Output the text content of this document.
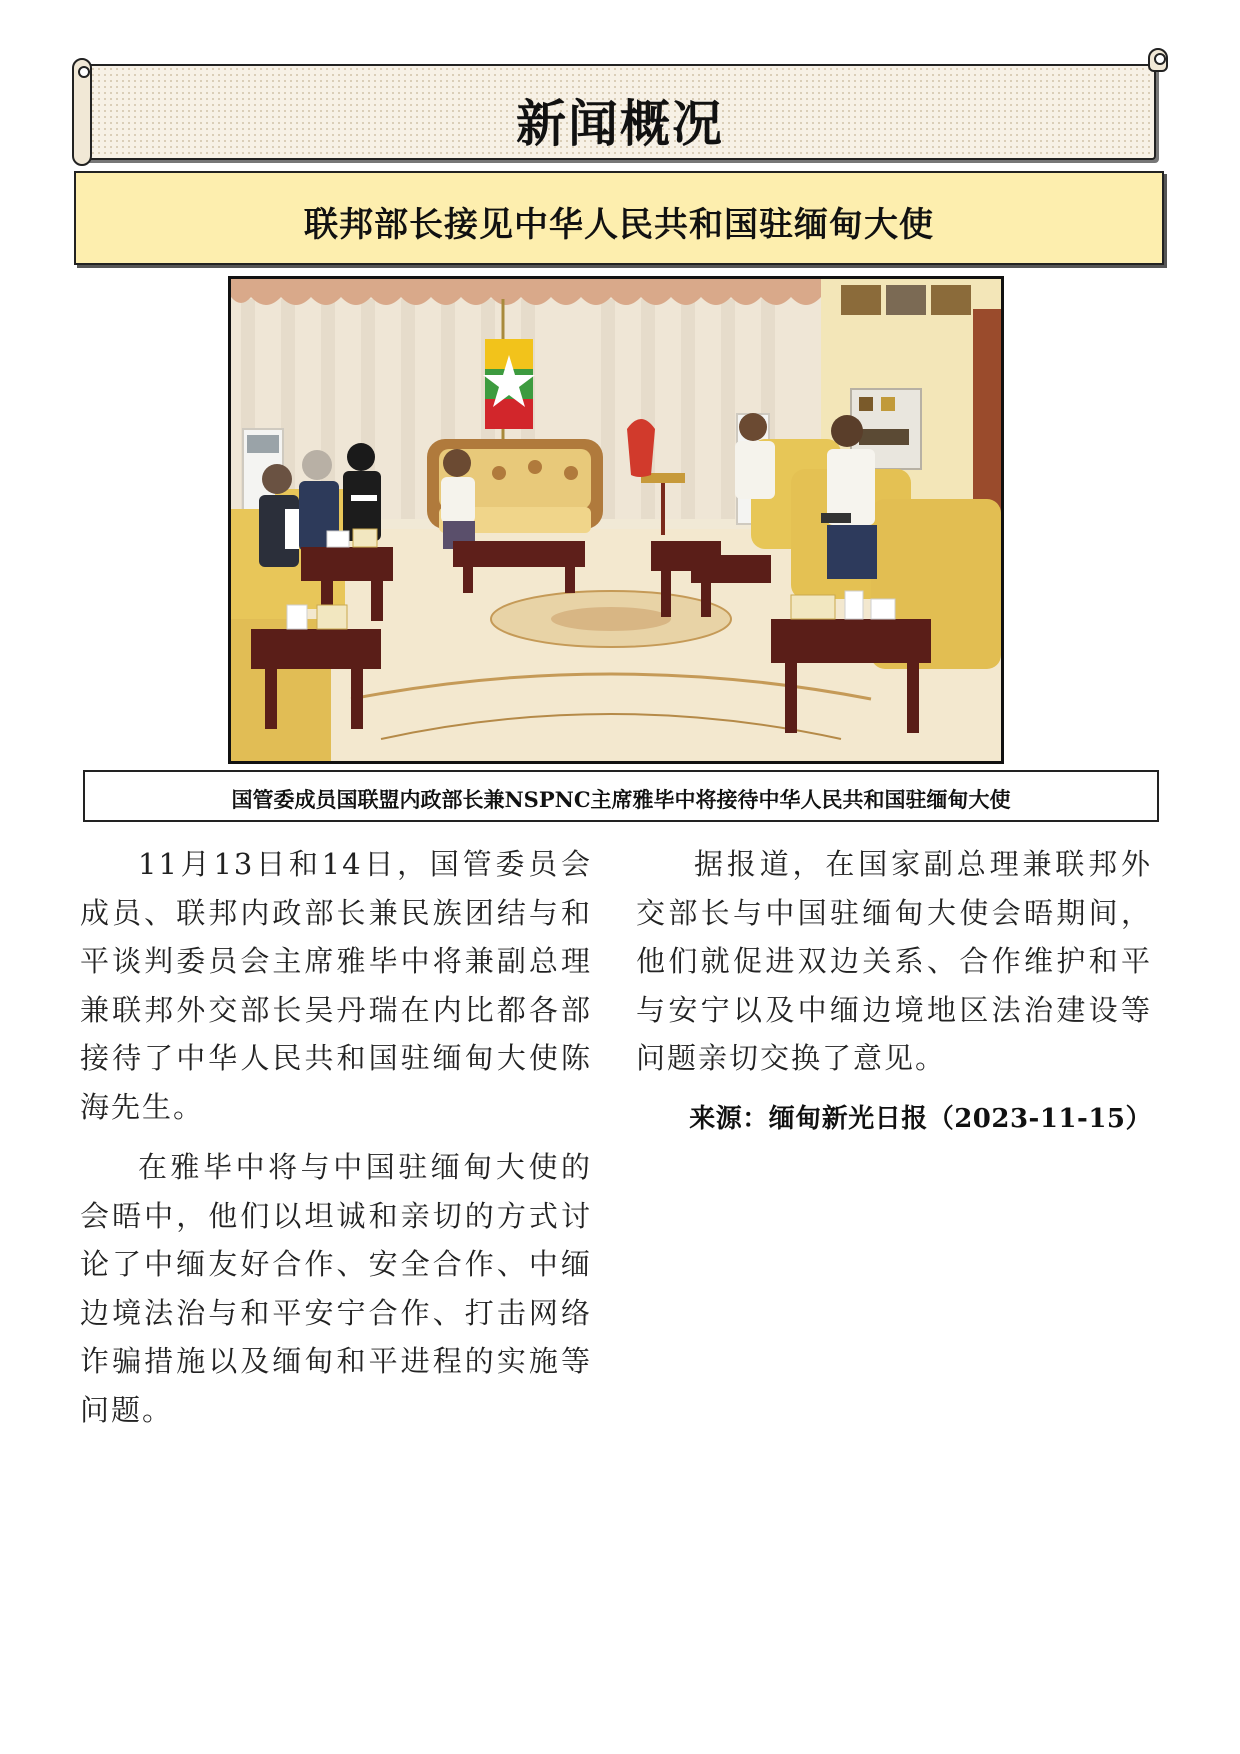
新闻概况
联邦部长接见中华人民共和国驻缅甸大使
国管委成员国联盟内政部长兼NSPNC主席雅毕中将接待中华人民共和国驻缅甸大使

11月13日和14日，国管委员会成员、联邦内政部长兼民族团结与和平谈判委员会主席雅毕中将兼副总理兼联邦外交部长吴丹瑞在内比都各部接待了中华人民共和国驻缅甸大使陈海先生。

在雅毕中将与中国驻缅甸大使的会晤中，他们以坦诚和亲切的方式讨论了中缅友好合作、安全合作、中缅边境法治与和平安宁合作、打击网络诈骗措施以及缅甸和平进程的实施等问题。

据报道，在国家副总理兼联邦外交部长与中国驻缅甸大使会晤期间，他们就促进双边关系、合作维护和平与安宁以及中缅边境地区法治建设等问题亲切交换了意见。

来源：缅甸新光日报（2023-11-15）
